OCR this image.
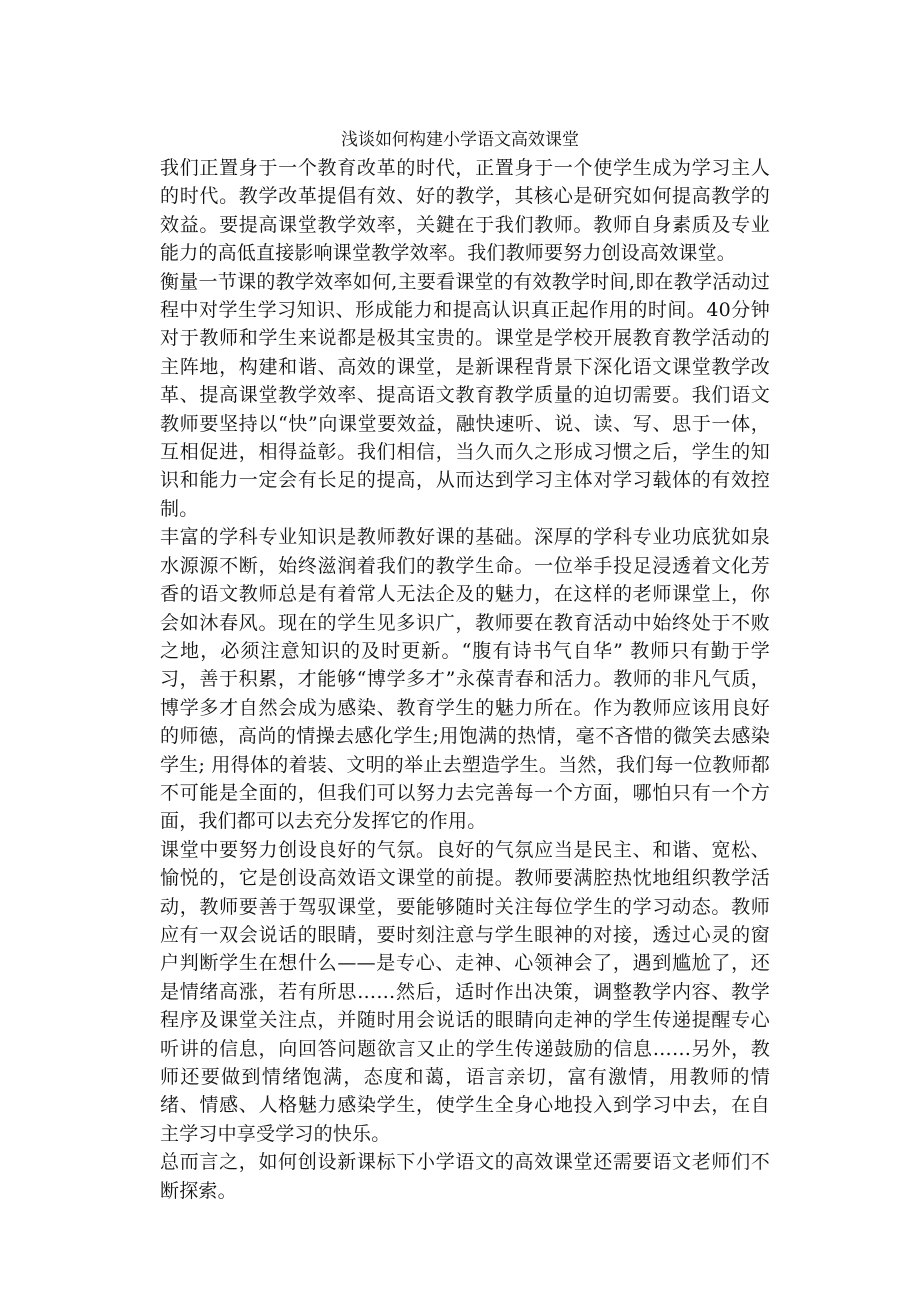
浅谈如何构建小学语文高效课堂

我们正置身于一个教育改革的时代，正置身于一个使学生成为学习主人的时代。教学改革提倡有效、好的教学，其核心是研究如何提高教学的效益。要提高课堂教学效率，关鍵在于我们教师。教师自身素质及专业能力的高低直接影响课堂教学效率。我们教师要努力创设高效课堂。

衡量一节课的教学效率如何,主要看课堂的有效教学时间,即在教学活动过程中对学生学习知识、形成能力和提高认识真正起作用的时间。40分钟对于教师和学生来说都是极其宝贵的。课堂是学校开展教育教学活动的主阵地，构建和谐、高效的课堂，是新课程背景下深化语文课堂教学改革、提高课堂教学效率、提高语文教育教学质量的迫切需要。我们语文教师要坚持以“快”向课堂要效益，融快速听、说、读、写、思于一体，互相促进，相得益彰。我们相信，当久而久之形成习惯之后，学生的知识和能力一定会有长足的提高，从而达到学习主体对学习载体的有效控制。

丰富的学科专业知识是教师教好课的基础。深厚的学科专业功底犹如泉水源源不断，始终滋润着我们的教学生命。一位举手投足浸透着文化芳香的语文教师总是有着常人无法企及的魅力，在这样的老师课堂上，你会如沐春风。现在的学生见多识广，教师要在教育活动中始终处于不败之地，必须注意知识的及时更新。“腹有诗书气自华” 教师只有勤于学习，善于积累，才能够“博学多才”永葆青春和活力。教师的非凡气质，博学多才自然会成为感染、教育学生的魅力所在。作为教师应该用良好的师德，高尚的情操去感化学生;用饱满的热情，毫不吝惜的微笑去感染学生; 用得体的着装、文明的举止去塑造学生。当然，我们每一位教师都不可能是全面的，但我们可以努力去完善每一个方面，哪怕只有一个方面，我们都可以去充分发挥它的作用。

课堂中要努力创设良好的气氛。良好的气氛应当是民主、和谐、宽松、愉悦的，它是创设高效语文课堂的前提。教师要满腔热忱地组织教学活动，教师要善于驾驭课堂，要能够随时关注每位学生的学习动态。教师应有一双会说话的眼睛，要时刻注意与学生眼神的对接，透过心灵的窗户判断学生在想什么——是专心、走神、心领神会了，遇到尴尬了，还是情绪高涨，若有所思……然后，适时作出决策，调整教学内容、教学程序及课堂关注点，并随时用会说话的眼睛向走神的学生传递提醒专心听讲的信息，向回答问题欲言又止的学生传递鼓励的信息……另外，教师还要做到情绪饱满，态度和蔼，语言亲切，富有激情，用教师的情绪、情感、人格魅力感染学生，使学生全身心地投入到学习中去，在自主学习中享受学习的快乐。

总而言之，如何创设新课标下小学语文的高效课堂还需要语文老师们不断探索。
